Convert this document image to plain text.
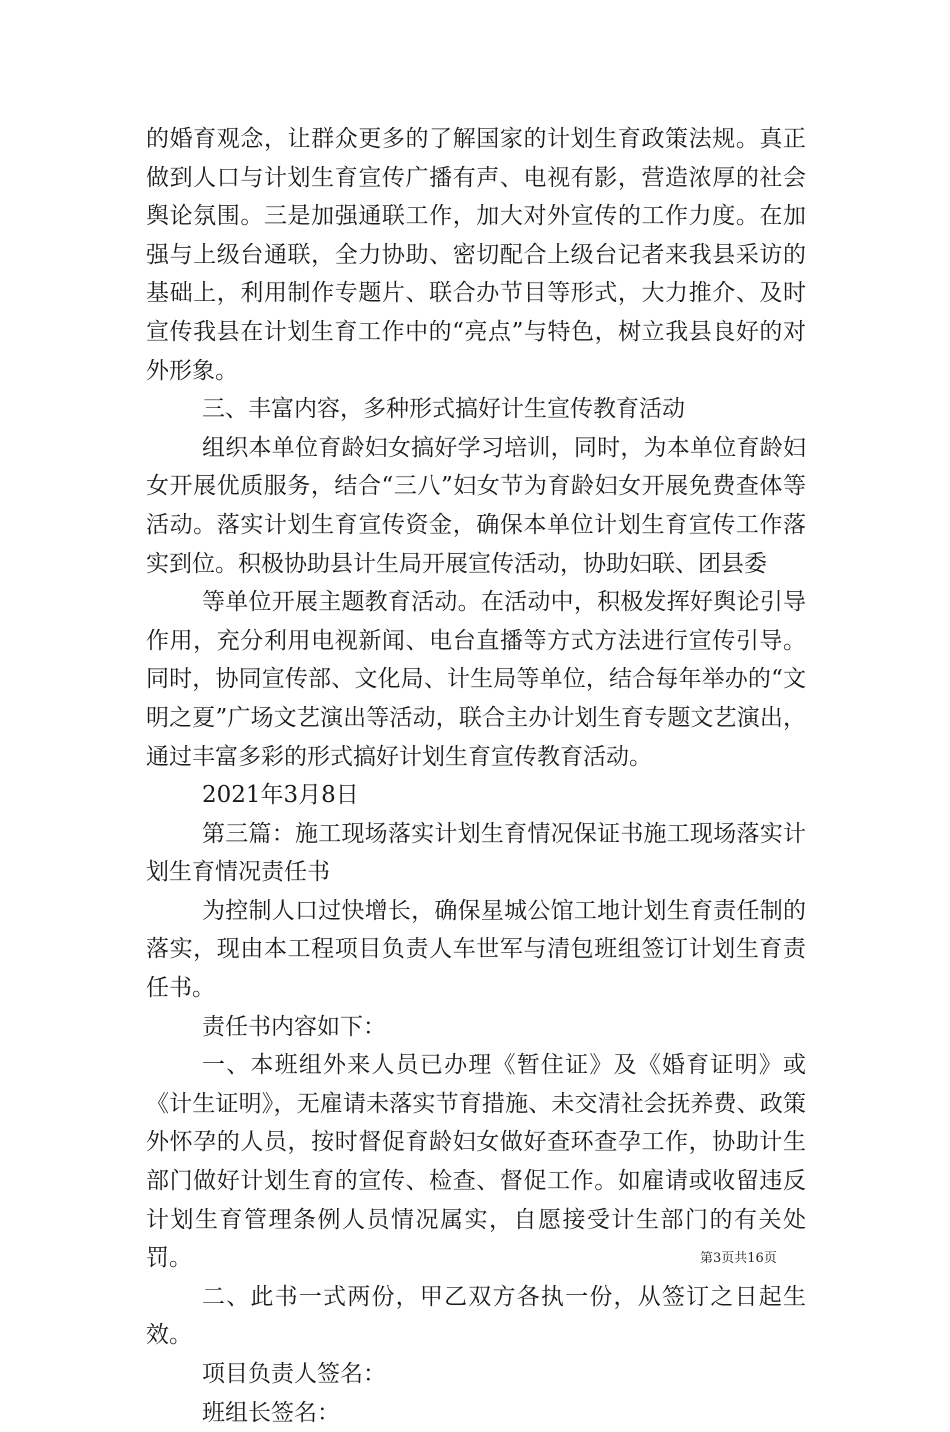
的婚育观念，让群众更多的了解国家的计划生育政策法规。真正做到人口与计划生育宣传广播有声、电视有影，营造浓厚的社会舆论氛围。三是加强通联工作，加大对外宣传的工作力度。在加强与上级台通联，全力协助、密切配合上级台记者来我县采访的基础上，利用制作专题片、联合办节目等形式，大力推介、及时宣传我县在计划生育工作中的“亮点”与特色，树立我县良好的对外形象。

三、丰富内容，多种形式搞好计生宣传教育活动

组织本单位育龄妇女搞好学习培训，同时，为本单位育龄妇女开展优质服务，结合“三八”妇女节为育龄妇女开展免费查体等活动。落实计划生育宣传资金，确保本单位计划生育宣传工作落实到位。积极协助县计生局开展宣传活动，协助妇联、团县委

等单位开展主题教育活动。在活动中，积极发挥好舆论引导作用，充分利用电视新闻、电台直播等方式方法进行宣传引导。同时，协同宣传部、文化局、计生局等单位，结合每年举办的“文明之夏”广场文艺演出等活动，联合主办计划生育专题文艺演出，通过丰富多彩的形式搞好计划生育宣传教育活动。

2021年3月8日

第三篇：施工现场落实计划生育情况保证书施工现场落实计划生育情况责任书

为控制人口过快增长，确保星城公馆工地计划生育责任制的落实，现由本工程项目负责人车世军与清包班组签订计划生育责任书。

责任书内容如下：

一、本班组外来人员已办理《暂住证》及《婚育证明》或《计生证明》，无雇请未落实节育措施、未交清社会抚养费、政策外怀孕的人员，按时督促育龄妇女做好查环查孕工作，协助计生部门做好计划生育的宣传、检查、督促工作。如雇请或收留违反计划生育管理条例人员情况属实，自愿接受计生部门的有关处罚。

二、此书一式两份，甲乙双方各执一份，从签订之日起生效。

项目负责人签名：

班组长签名：

第3页共16页
